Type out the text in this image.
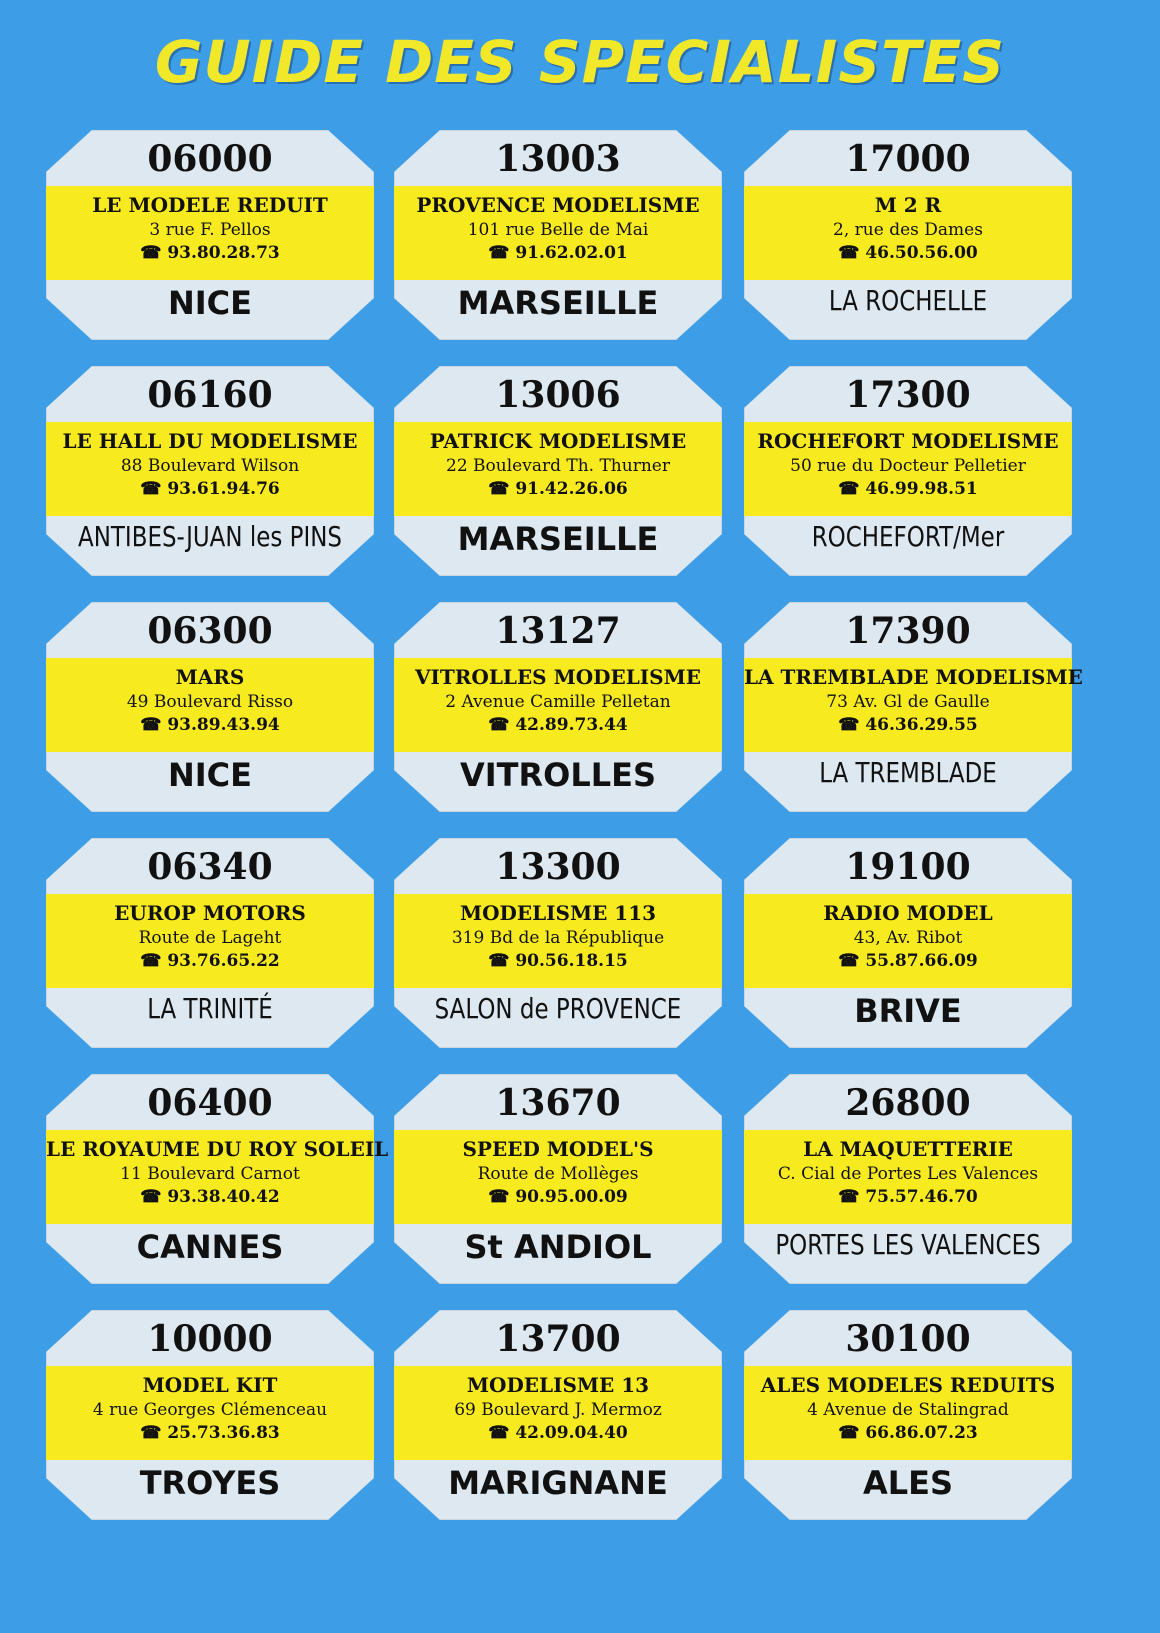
GUIDE DES SPECIALISTES
06000
LE MODELE REDUIT
3 rue F. Pellos
☎ 93.80.28.73
NICE
06160
LE HALL DU MODELISME
88 Boulevard Wilson
☎ 93.61.94.76
ANTIBES-JUAN les PINS
06300
MARS
49 Boulevard Risso
☎ 93.89.43.94
NICE
06340
EUROP MOTORS
Route de Lageht
☎ 93.76.65.22
LA TRINITÉ
06400
LE ROYAUME DU ROY SOLEIL
11 Boulevard Carnot
☎ 93.38.40.42
CANNES
10000
MODEL KIT
4 rue Georges Clémenceau
☎ 25.73.36.83
TROYES
13003
PROVENCE MODELISME
101 rue Belle de Mai
☎ 91.62.02.01
MARSEILLE
13006
PATRICK MODELISME
22 Boulevard Th. Thurner
☎ 91.42.26.06
MARSEILLE
13127
VITROLLES MODELISME
2 Avenue Camille Pelletan
☎ 42.89.73.44
VITROLLES
13300
MODELISME 113
319 Bd de la République
☎ 90.56.18.15
SALON de PROVENCE
13670
SPEED MODEL'S
Route de Mollèges
☎ 90.95.00.09
St ANDIOL
13700
MODELISME 13
69 Boulevard J. Mermoz
☎ 42.09.04.40
MARIGNANE
17000
M 2 R
2, rue des Dames
☎ 46.50.56.00
LA ROCHELLE
17300
ROCHEFORT MODELISME
50 rue du Docteur Pelletier
☎ 46.99.98.51
ROCHEFORT/Mer
17390
LA TREMBLADE MODELISME
73 Av. Gl de Gaulle
☎ 46.36.29.55
LA TREMBLADE
19100
RADIO MODEL
43, Av. Ribot
☎ 55.87.66.09
BRIVE
26800
LA MAQUETTERIE
C. Cial de Portes Les Valences
☎ 75.57.46.70
PORTES LES VALENCES
30100
ALES MODELES REDUITS
4 Avenue de Stalingrad
☎ 66.86.07.23
ALES
